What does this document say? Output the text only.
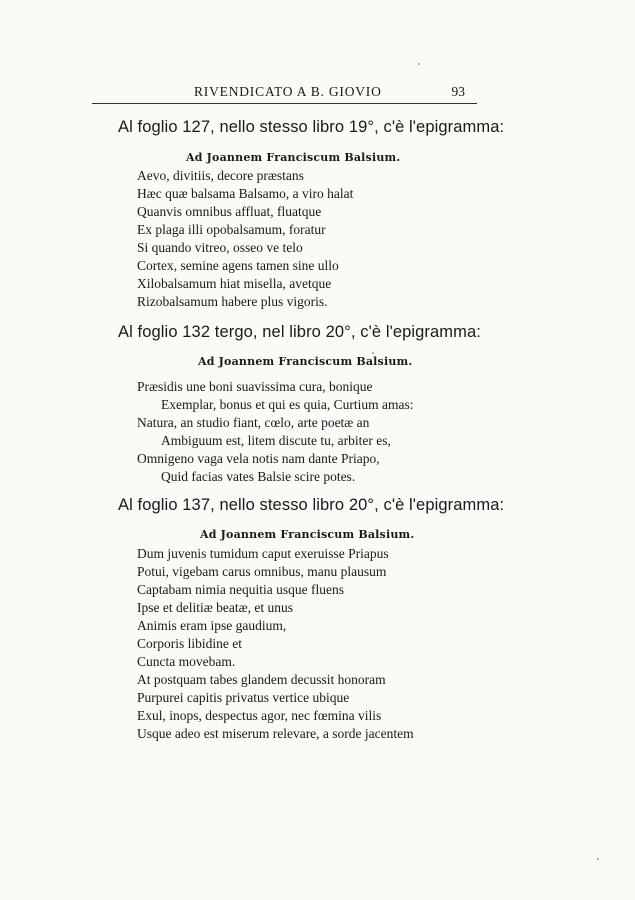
RIVENDICATO A B. GIOVIO	93
Al foglio 127, nello stesso libro 19°, c'è l'epigramma:
Ad Joannem Franciscum Balsium.
Aevo, divitiis, decore præstans
Hæc quæ balsama Balsamo, a viro halat
Quanvis omnibus affluat, fluatque
Ex plaga illi opobalsamum, foratur
Si quando vitreo, osseo ve telo
Cortex, semine agens tamen sine ullo
Xilobalsamum hiat misella, avetque
Rizobalsamum habere plus vigoris.
Al foglio 132 tergo, nel libro 20°, c'è l'epigramma:
Ad Joannem Franciscum Balsium.
Præsidis une boni suavissima cura, bonique
Exemplar, bonus et qui es quia, Curtium amas:
Natura, an studio fiant, cœlo, arte poetæ an
Ambiguum est, litem discute tu, arbiter es,
Omnigeno vaga vela notis nam dante Priapo,
Quid facias vates Balsie scire potes.
Al foglio 137, nello stesso libro 20°, c'è l'epigramma:
Ad Joannem Franciscum Balsium.
Dum juvenis tumidum caput exeruisse Priapus
Potui, vigebam carus omnibus, manu plausum
Captabam nimia nequitia usque fluens
Ipse et delitiæ beatæ, et unus
Animis eram ipse gaudium,
Corporis libidine et
Cuncta movebam.
At postquam tabes glandem decussit honoram
Purpurei capitis privatus vertice ubique
Exul, inops, despectus agor, nec fœmina vilis
Usque adeo est miserum relevare, a sorde jacentem
